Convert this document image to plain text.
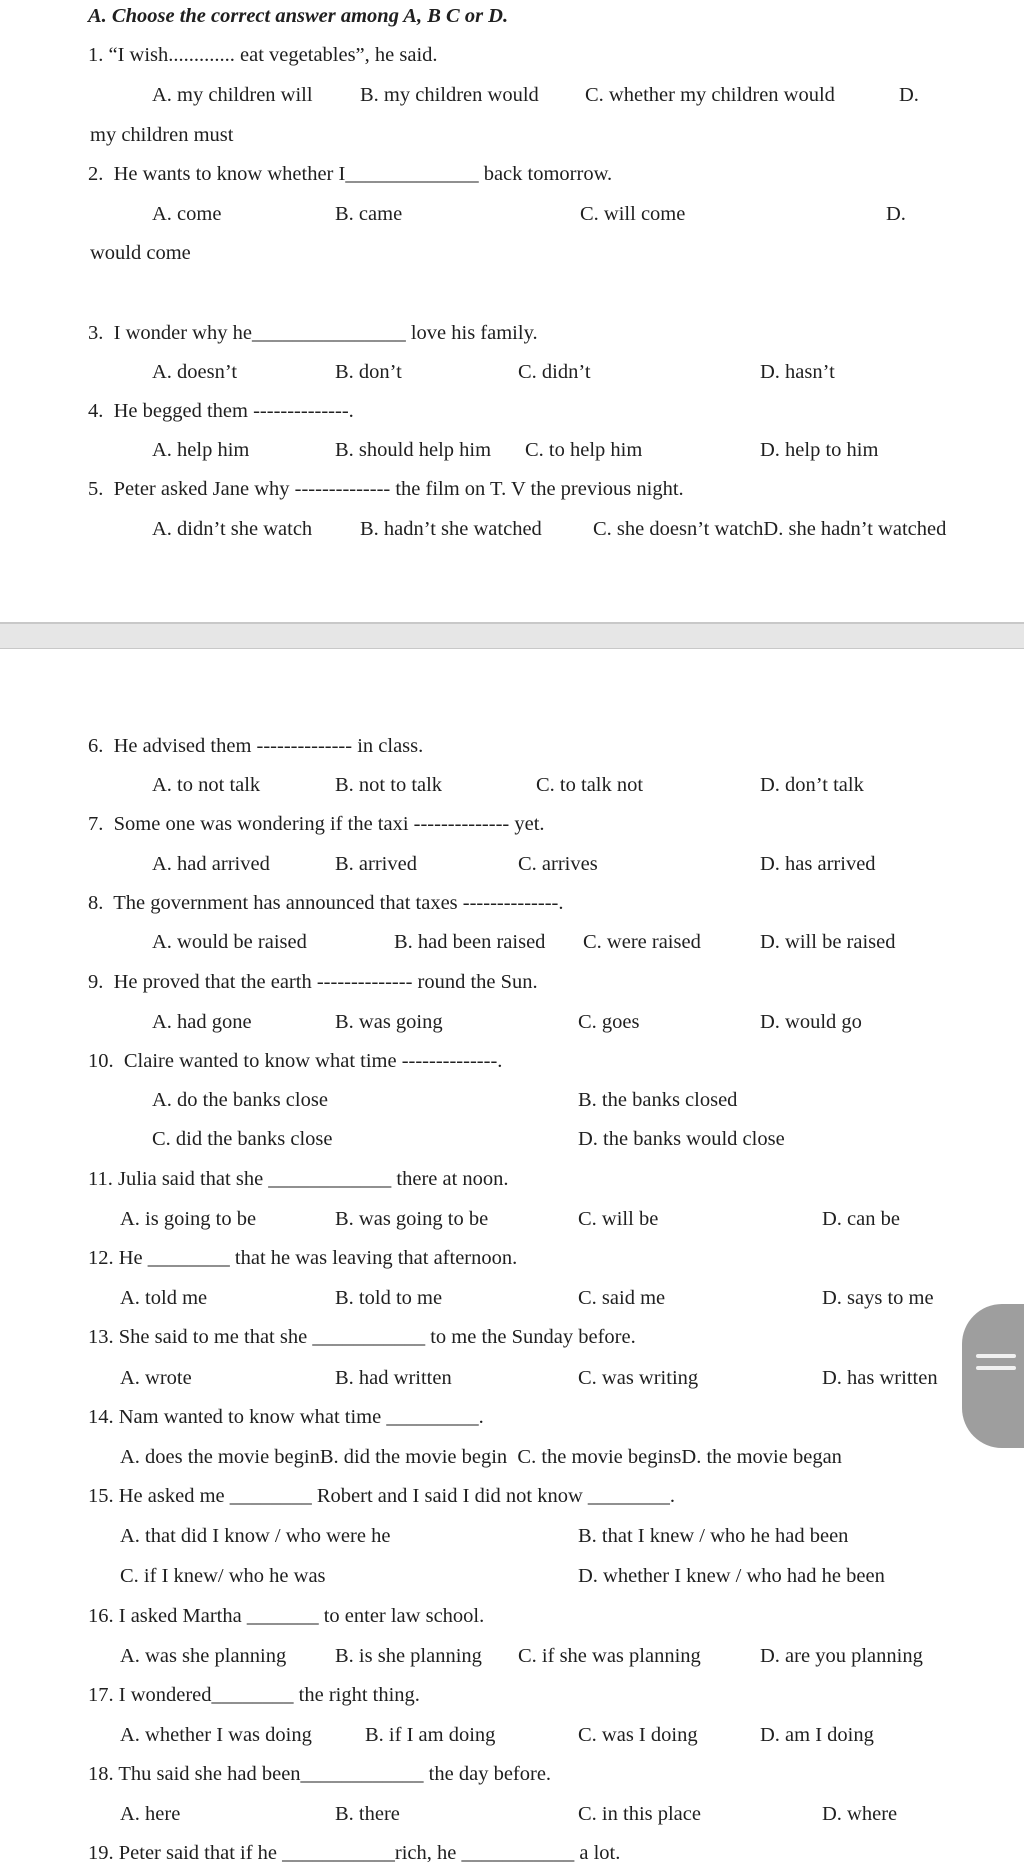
A. Choose the correct answer among A, B C or D.
1. “I wish............. eat vegetables”, he said.
A. my children will B. my children would C. whether my children would	D.
my children must
2.  He wants to know whether I_____________ back tomorrow.
A. come	B. came	C. will come	D.
would come
3.  I wonder why he_______________ love his family.
A. doesn’t	B. don’t	C. didn’t	D. hasn’t
4.  He begged them --------------.
A. help him	B. should help him C. to help him	D. help to him
5.  Peter asked Jane why -------------- the film on T. V the previous night.
A. didn’t she watch B. hadn’t she watched C. she doesn’t watchD. she hadn’t watched
6.  He advised them -------------- in class.
A. to not talk	B. not to talk	C. to talk not	D. don’t talk
7.  Some one was wondering if the taxi -------------- yet.
A. had arrived	B. arrived	C. arrives	D. has arrived
8.  The government has announced that taxes --------------.
A. would be raised	B. had been raised C. were raised	D. will be raised
9.  He proved that the earth -------------- round the Sun.
A. had gone	B. was going	C. goes	D. would go
10.  Claire wanted to know what time --------------.
A. do the banks close	B. the banks closed
C. did the banks close	D. the banks would close
11. Julia said that she ____________ there at noon.
A. is going to be	B. was going to be	C. will be	D. can be
12. He ________ that he was leaving that afternoon.
A. told me	B. told to me	C. said me	D. says to me
13. She said to me that she ___________ to me the Sunday before.
A. wrote	B. had written	C. was writing	D. has written
14. Nam wanted to know what time _________.
A. does the movie beginB. did the movie begin  C. the movie beginsD. the movie began
15. He asked me ________ Robert and I said I did not know ________.
A. that did I know / who were he	B. that I knew / who he had been
C. if I knew/ who he was	D. whether I knew / who had he been
16. I asked Martha _______ to enter law school.
A. was she planning B. is she planning C. if she was planning	D. are you planning
17. I wondered________ the right thing.
A. whether I was doing	B. if I am doing	C. was I doing	D. am I doing
18. Thu said she had been____________ the day before.
A. here	B. there	C. in this place	D. where
19. Peter said that if he ___________rich, he ___________ a lot.
